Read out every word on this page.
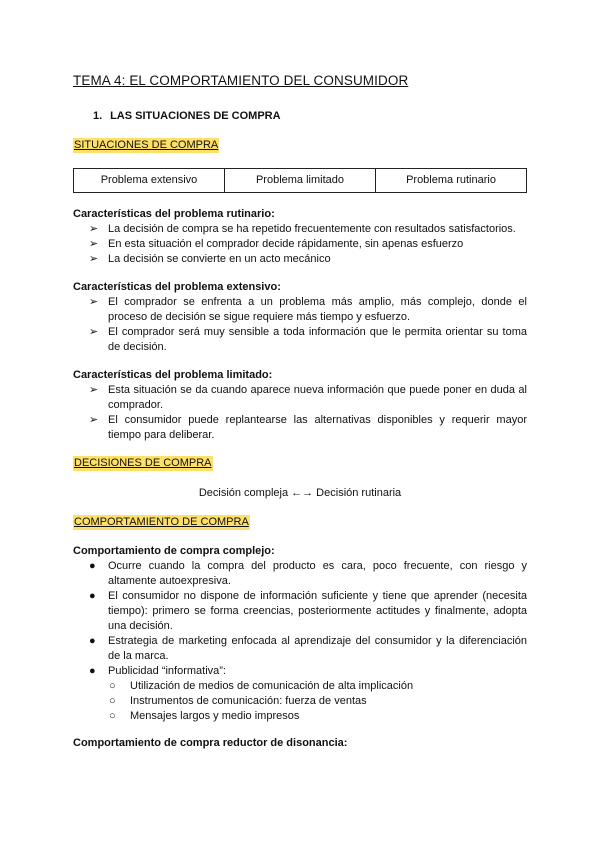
TEMA 4: EL COMPORTAMIENTO DEL CONSUMIDOR
1. LAS SITUACIONES DE COMPRA
SITUACIONES DE COMPRA
Problema extensivo	Problema limitado	Problema rutinario
Características del problema rutinario:
➢ La decisión de compra se ha repetido frecuentemente con resultados satisfactorios.
➢ En esta situación el comprador decide rápidamente, sin apenas esfuerzo
➢ La decisión se convierte en un acto mecánico
Características del problema extensivo:
➢ El comprador se enfrenta a un problema más amplio, más complejo, donde el proceso de decisión se sigue requiere más tiempo y esfuerzo.
➢ El comprador será muy sensible a toda información que le permita orientar su toma de decisión.
Características del problema limitado:
➢ Esta situación se da cuando aparece nueva información que puede poner en duda al comprador.
➢ El consumidor puede replantearse las alternativas disponibles y requerir mayor tiempo para deliberar.
DECISIONES DE COMPRA
Decisión compleja ←→ Decisión rutinaria
COMPORTAMIENTO DE COMPRA
Comportamiento de compra complejo:
● Ocurre cuando la compra del producto es cara, poco frecuente, con riesgo y altamente autoexpresiva.
● El consumidor no dispone de información suficiente y tiene que aprender (necesita tiempo): primero se forma creencias, posteriormente actitudes y finalmente, adopta una decisión.
● Estrategia de marketing enfocada al aprendizaje del consumidor y la diferenciación de la marca.
● Publicidad “informativa”:
○ Utilización de medios de comunicación de alta implicación
○ Instrumentos de comunicación: fuerza de ventas
○ Mensajes largos y medio impresos
Comportamiento de compra reductor de disonancia:
